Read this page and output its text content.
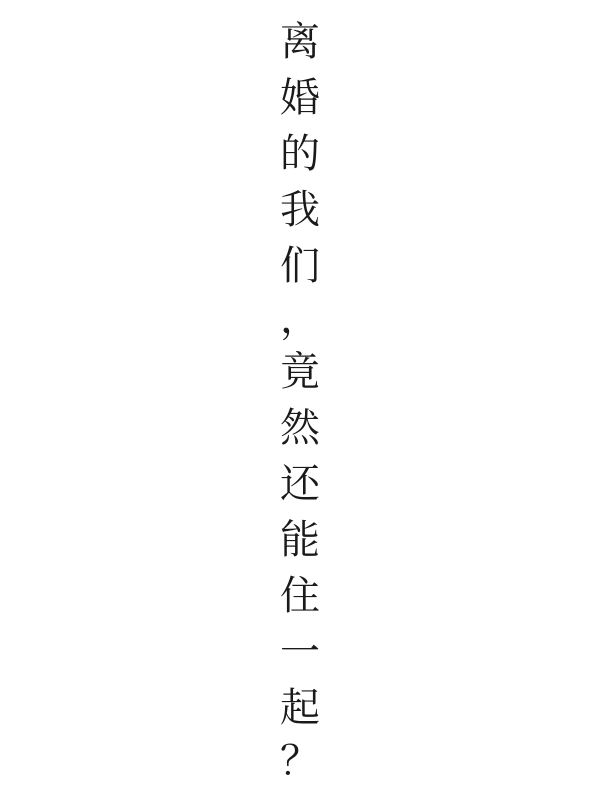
离
婚
的
我
们
，
竟
然
还
能
住
一
起
？
